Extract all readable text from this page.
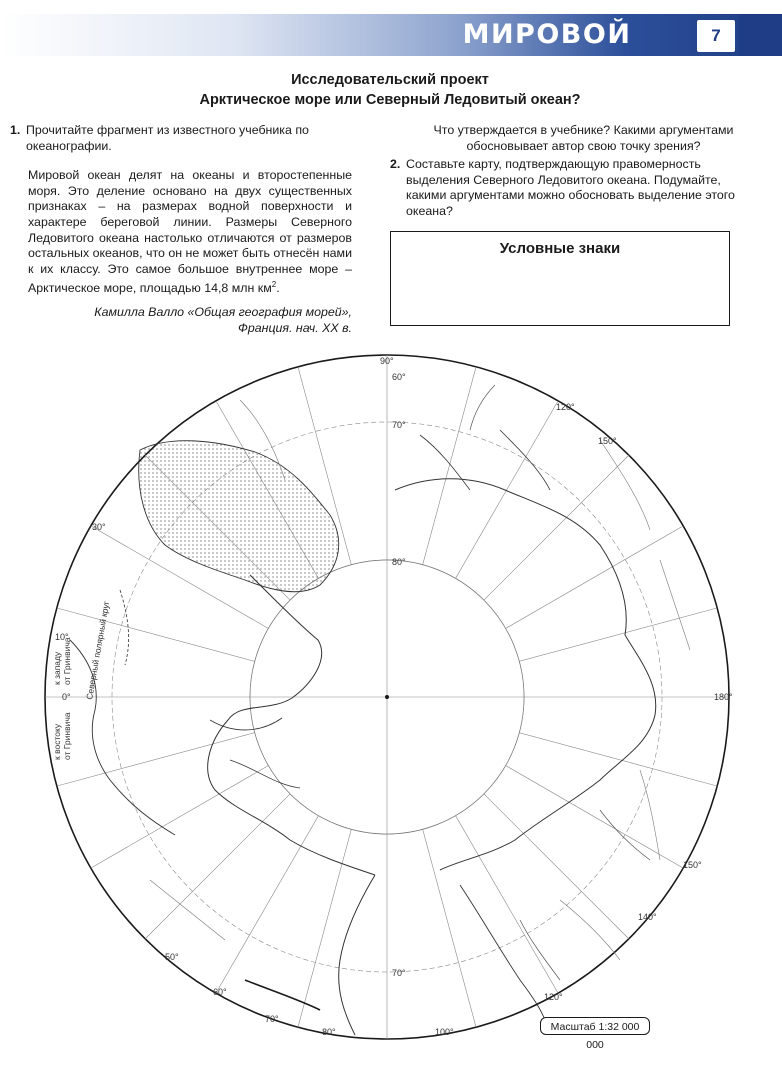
МИРОВОЙ ОКЕАН
7
Исследовательский проект
Арктическое море или Северный Ледовитый океан?
1. Прочитайте фрагмент из известного учебника по океанографии.
Мировой океан делят на океаны и второстепенные моря. Это деление основано на двух существенных признаках – на размерах водной поверхности и характере береговой линии. Размеры Северного Ледовитого океана настолько отличаются от размеров остальных океанов, что он не может быть отнесён нами к их классу. Это самое большое внутреннее море – Арктическое море, площадью 14,8 млн $км^2$.
Камилла Валло «Общая география морей»,
Франция. нач. XX в.
Что утверждается в учебнике? Какими аргументами обосновывает автор свою точку зрения?
2. Составьте карту, подтверждающую правомерность выделения Северного Ледовитого океана. Подумайте, какими аргументами можно обосновать выделение этого океана?
Условные знаки
90°
120°
150°
180°
150°
140°
120°
100°
80°
70°
60°
50°
30°
10°
0°
80°
70°
60°
70°
к западу от Гринвича
к востоку от Гринвича
Северный полярный круг
Масштаб 1:32 000 000
